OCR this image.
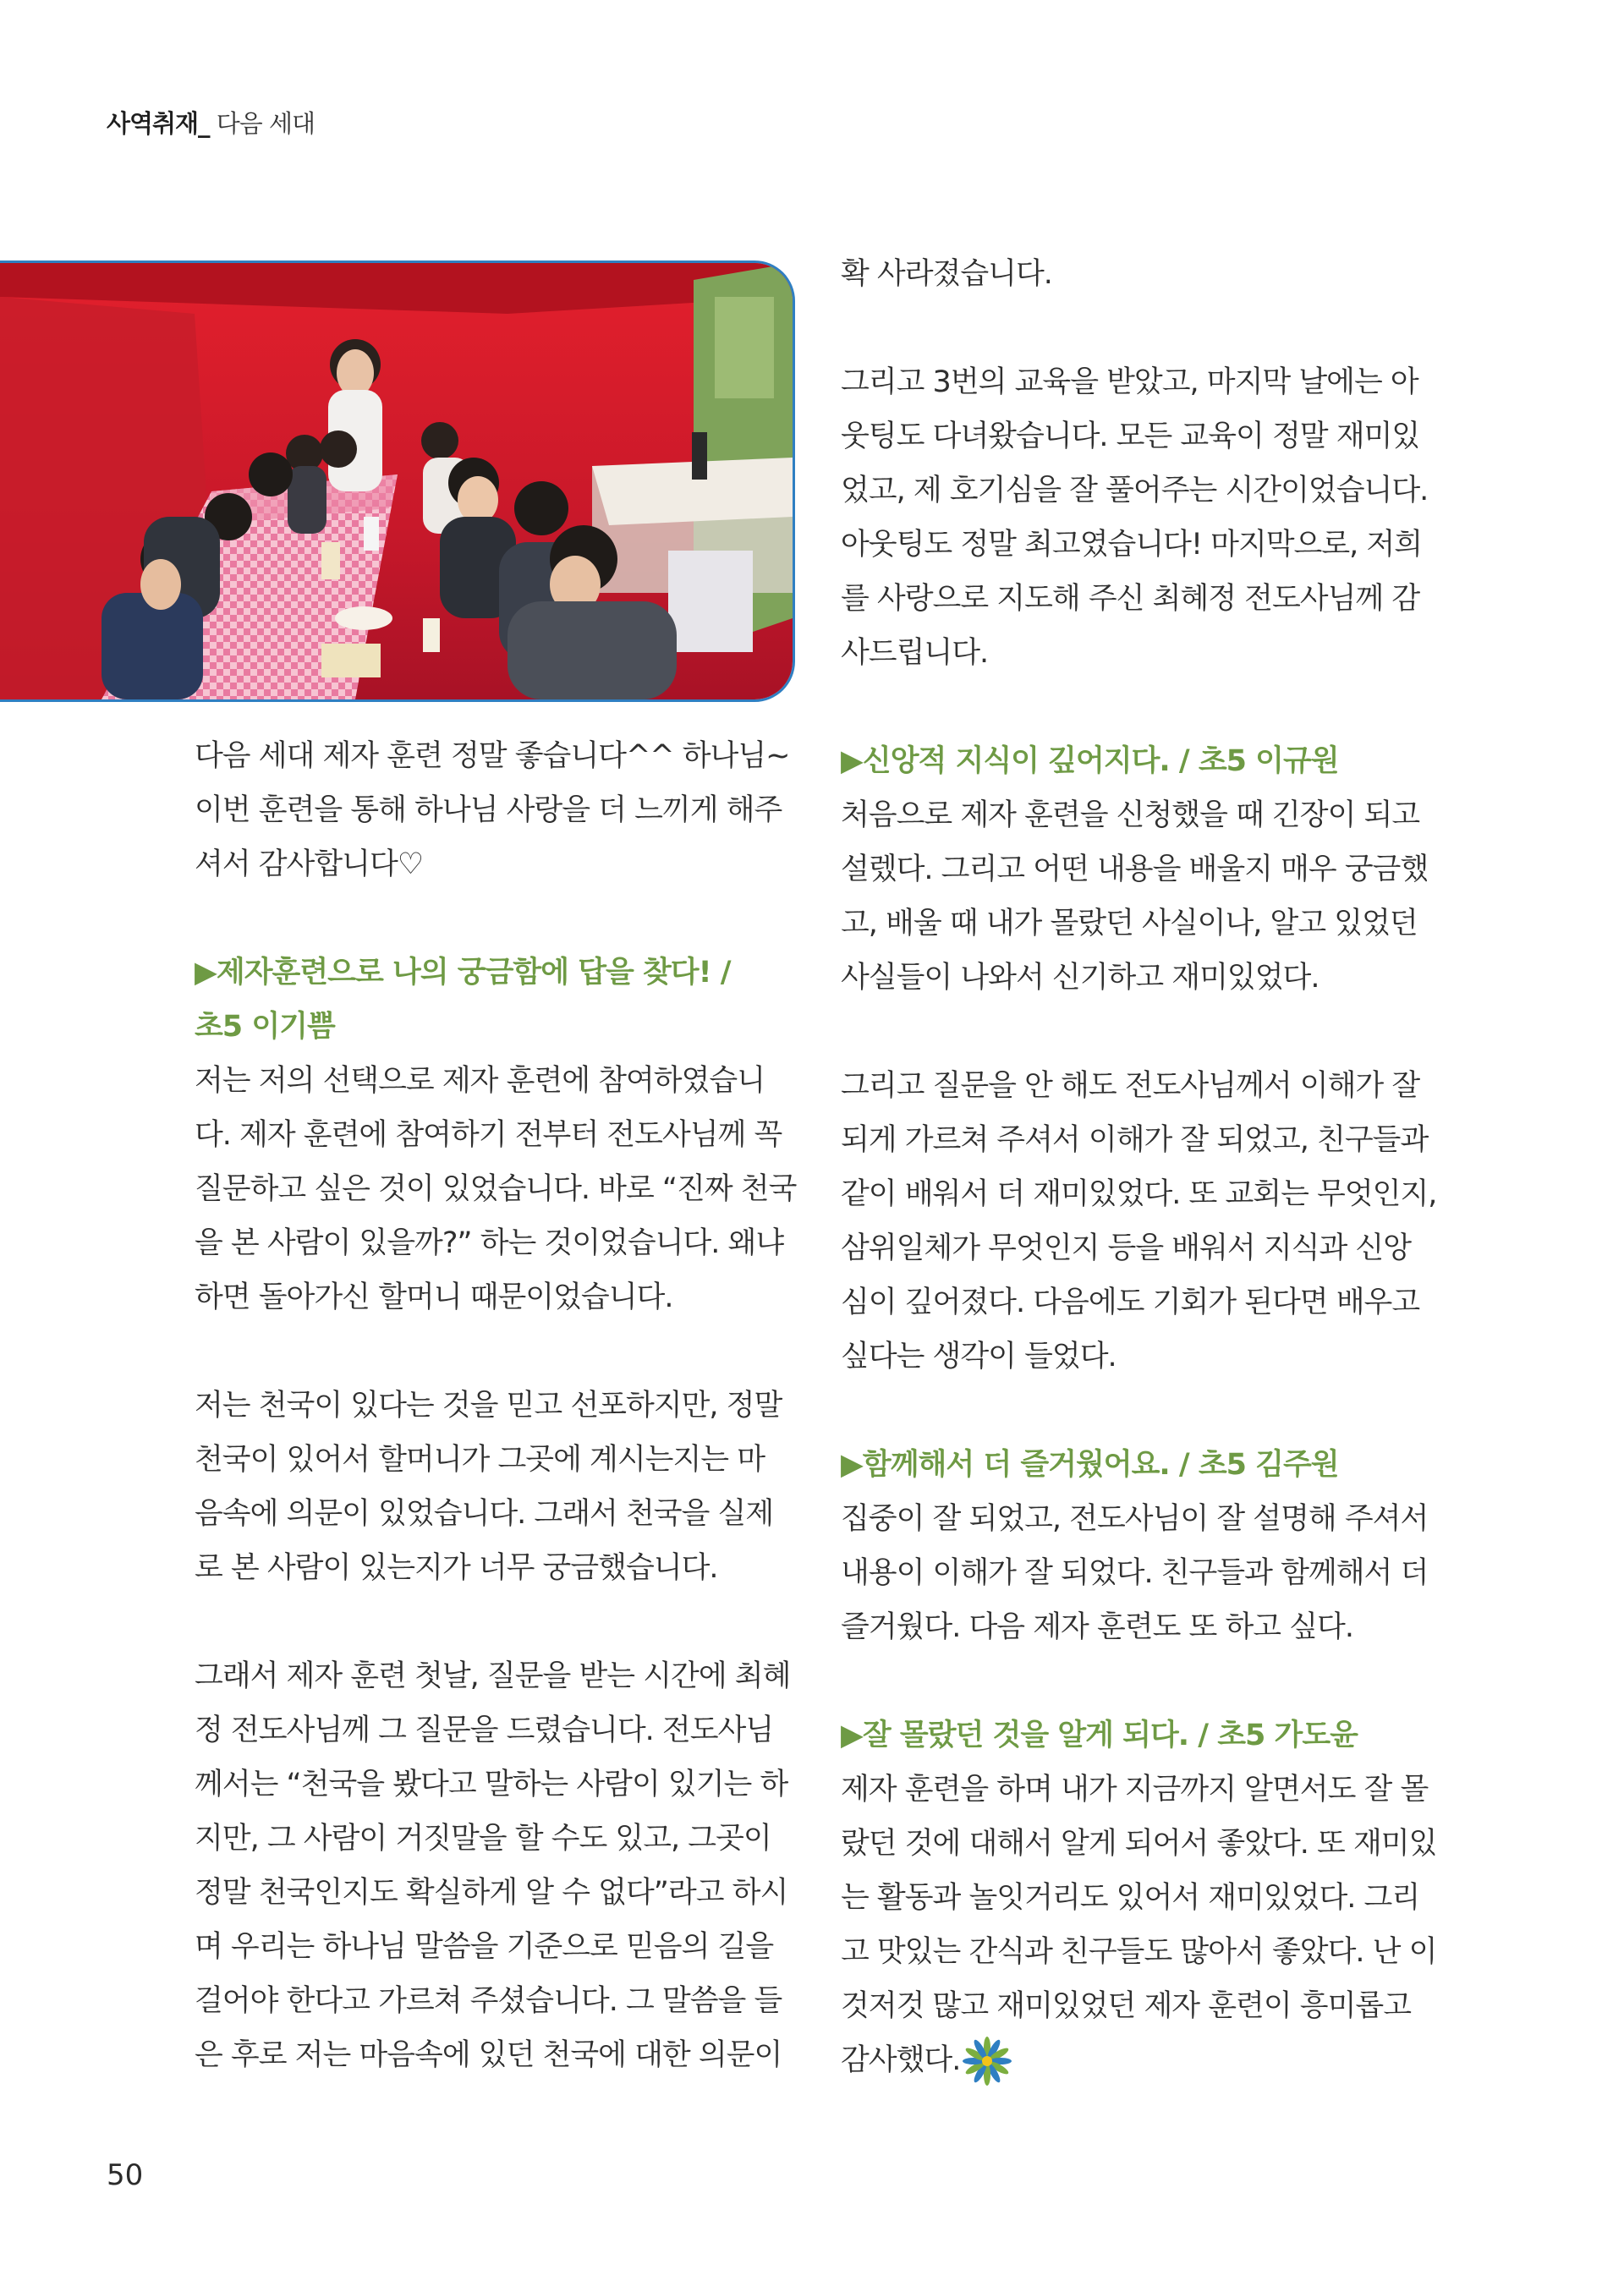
사역취재_ 다음 세대

다음 세대 제자 훈련 정말 좋습니다^^ 하나님~

이번 훈련을 통해 하나님 사랑을 더 느끼게 해주

셔서 감사합니다♡

▶제자훈련으로 나의 궁금함에 답을 찾다! /

초5 이기쁨

저는 저의 선택으로 제자 훈련에 참여하였습니

다. 제자 훈련에 참여하기 전부터 전도사님께 꼭

질문하고 싶은 것이 있었습니다. 바로 “진짜 천국

을 본 사람이 있을까?” 하는 것이었습니다. 왜냐

하면 돌아가신 할머니 때문이었습니다.

저는 천국이 있다는 것을 믿고 선포하지만, 정말

천국이 있어서 할머니가 그곳에 계시는지는 마

음속에 의문이 있었습니다. 그래서 천국을 실제

로 본 사람이 있는지가 너무 궁금했습니다.

그래서 제자 훈련 첫날, 질문을 받는 시간에 최혜

정 전도사님께 그 질문을 드렸습니다. 전도사님

께서는 “천국을 봤다고 말하는 사람이 있기는 하

지만, 그 사람이 거짓말을 할 수도 있고, 그곳이

정말 천국인지도 확실하게 알 수 없다”라고 하시

며 우리는 하나님 말씀을 기준으로 믿음의 길을

걸어야 한다고 가르쳐 주셨습니다. 그 말씀을 들

은 후로 저는 마음속에 있던 천국에 대한 의문이

확 사라졌습니다.

그리고 3번의 교육을 받았고, 마지막 날에는 아

웃팅도 다녀왔습니다. 모든 교육이 정말 재미있

었고, 제 호기심을 잘 풀어주는 시간이었습니다.

아웃팅도 정말 최고였습니다! 마지막으로, 저희

를 사랑으로 지도해 주신 최혜정 전도사님께 감

사드립니다.

▶신앙적 지식이 깊어지다. / 초5 이규원

처음으로 제자 훈련을 신청했을 때 긴장이 되고

설렜다. 그리고 어떤 내용을 배울지 매우 궁금했

고, 배울 때 내가 몰랐던 사실이나, 알고 있었던

사실들이 나와서 신기하고 재미있었다.

그리고 질문을 안 해도 전도사님께서 이해가 잘

되게 가르쳐 주셔서 이해가 잘 되었고, 친구들과

같이 배워서 더 재미있었다. 또 교회는 무엇인지,

삼위일체가 무엇인지 등을 배워서 지식과 신앙

심이 깊어졌다. 다음에도 기회가 된다면 배우고

싶다는 생각이 들었다.

▶함께해서 더 즐거웠어요. / 초5 김주원

집중이 잘 되었고, 전도사님이 잘 설명해 주셔서

내용이 이해가 잘 되었다. 친구들과 함께해서 더

즐거웠다. 다음 제자 훈련도 또 하고 싶다.

▶잘 몰랐던 것을 알게 되다. / 초5 가도윤

제자 훈련을 하며 내가 지금까지 알면서도 잘 몰

랐던 것에 대해서 알게 되어서 좋았다. 또 재미있

는 활동과 놀잇거리도 있어서 재미있었다. 그리

고 맛있는 간식과 친구들도 많아서 좋았다. 난 이

것저것 많고 재미있었던 제자 훈련이 흥미롭고

감사했다.

50
